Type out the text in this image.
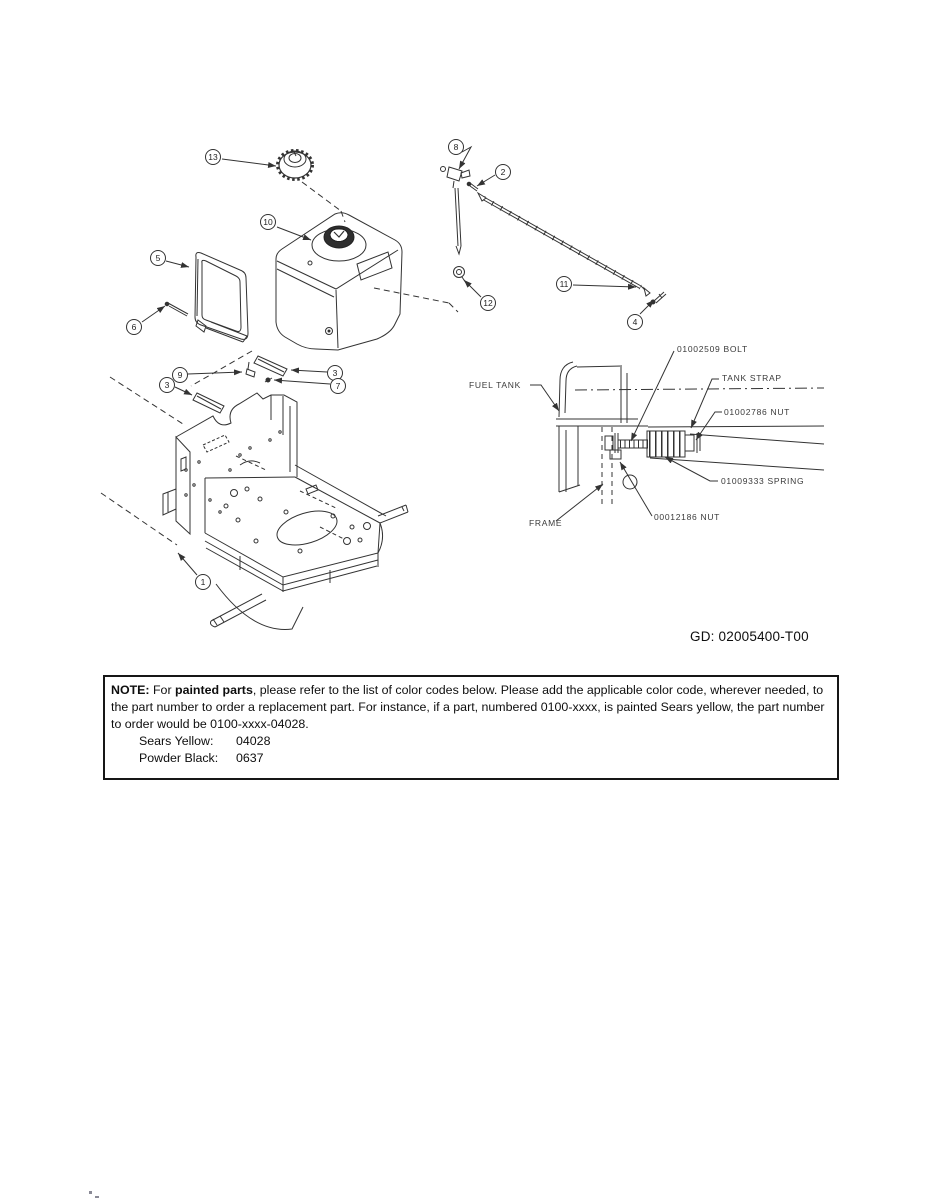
13
10
5
6
8
2
12
11
4
9
3
3
7
1
01002509 BOLT
FUEL TANK
TANK STRAP
01002786 NUT
01009333 SPRING
FRAME
00012186 NUT
GD: 02005400-T00
NOTE: For painted parts, please refer to the list of color codes below. Please add the applicable color code, wherever needed, to the part number to order a replacement part. For instance, if a part, numbered 0100-xxxx, is painted Sears yellow, the part number to order would be 0100-xxxx-04028.
Sears Yellow: 04028
Powder Black: 0637
